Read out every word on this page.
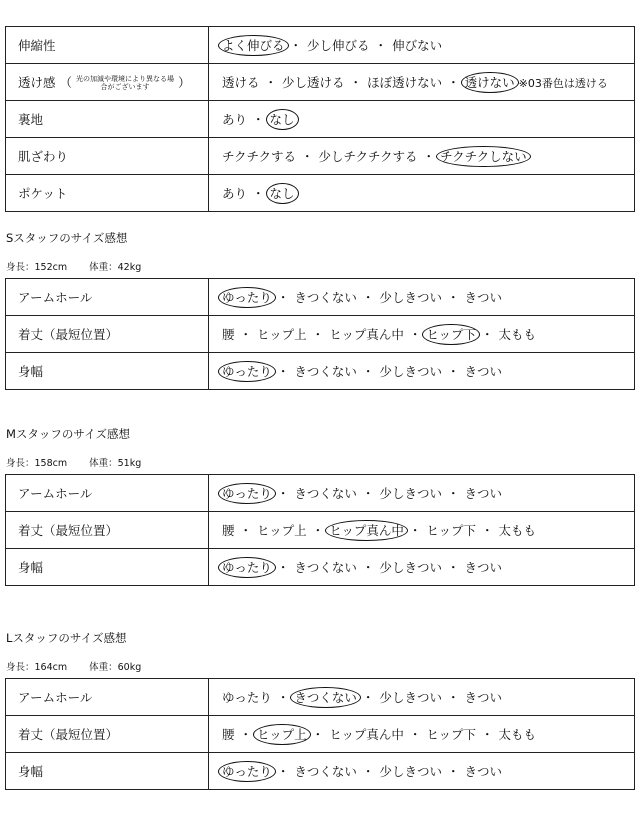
伸縮性	よく伸びる ・ 少し伸びる ・ 伸びない
透け感 （ 光の加減や環境により異なる場合がございます ）	透ける ・ 少し透ける ・ ほぼ透けない ・ 透けない ※03番色は透ける
裏地	あり ・ なし
肌ざわり	チクチクする ・ 少しチクチクする ・ チクチクしない
ポケット	あり ・ なし
Sスタッフのサイズ感想
身長：152cm 体重：42kg
アームホール	ゆったり ・ きつくない ・ 少しきつい ・ きつい
着丈（最短位置）	腰 ・ ヒップ上 ・ ヒップ真ん中 ・ ヒップ下 ・ 太もも
身幅	ゆったり ・ きつくない ・ 少しきつい ・ きつい
Mスタッフのサイズ感想
身長：158cm 体重：51kg
アームホール	ゆったり ・ きつくない ・ 少しきつい ・ きつい
着丈（最短位置）	腰 ・ ヒップ上 ・ ヒップ真ん中 ・ ヒップ下 ・ 太もも
身幅	ゆったり ・ きつくない ・ 少しきつい ・ きつい
Lスタッフのサイズ感想
身長：164cm 体重：60kg
アームホール	ゆったり ・ きつくない ・ 少しきつい ・ きつい
着丈（最短位置）	腰 ・ ヒップ上 ・ ヒップ真ん中 ・ ヒップ下 ・ 太もも
身幅	ゆったり ・ きつくない ・ 少しきつい ・ きつい
